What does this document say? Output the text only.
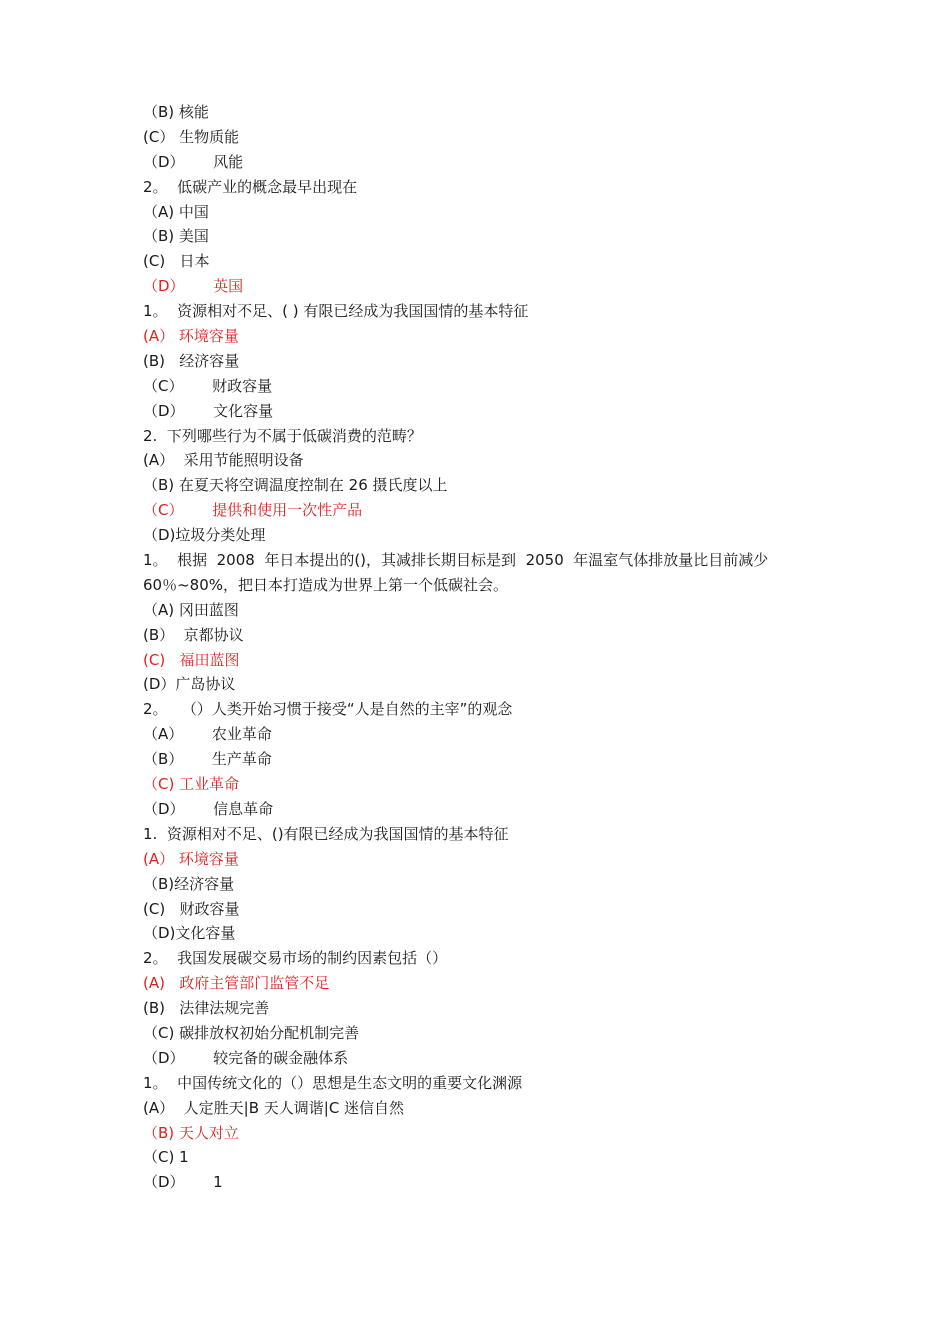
（B) 核能
(C） 生物质能
（D）      风能
2。  低碳产业的概念最早出现在
（A) 中国
（B) 美国
(C)   日本
（D）      英国
1。  资源相对不足、( ) 有限已经成为我国国情的基本特征
(A） 环境容量
(B)   经济容量
（C）      财政容量
（D）      文化容量
2.  下列哪些行为不属于低碳消费的范畴？
(A）  采用节能照明设备
（B) 在夏天将空调温度控制在 26 摄氏度以上
（C）      提供和使用一次性产品
（D)垃圾分类处理
1。  根据  2008  年日本提出的()，其减排长期目标是到  2050  年温室气体排放量比目前减少
60％~80%，把日本打造成为世界上第一个低碳社会。
（A) 冈田蓝图
(B）  京都协议
(C)   福田蓝图
(D）广岛协议
2。   （）人类开始习惯于接受“人是自然的主宰”的观念
（A）      农业革命
（B）      生产革命
（C) 工业革命
（D）      信息革命
1.  资源相对不足、()有限已经成为我国国情的基本特征
(A） 环境容量
（B)经济容量
(C)   财政容量
（D)文化容量
2。  我国发展碳交易市场的制约因素包括（）
(A)   政府主管部门监管不足
(B)   法律法规完善
（C) 碳排放权初始分配机制完善
（D）      较完备的碳金融体系
1。  中国传统文化的（）思想是生态文明的重要文化渊源
(A）  人定胜天|B 天人调谐|C 迷信自然
（B) 天人对立
（C) 1
（D）      1
